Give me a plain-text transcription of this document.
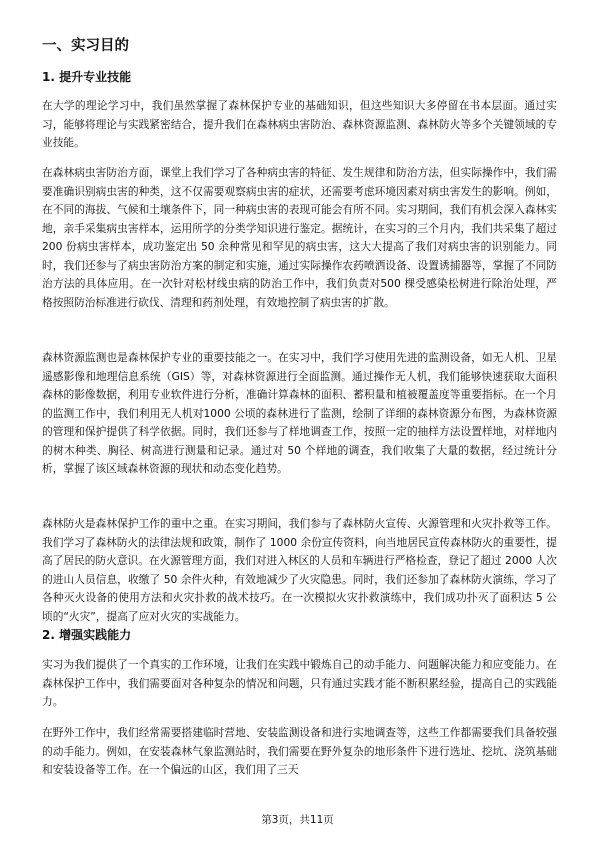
一、实习目的
1. 提升专业技能

在大学的理论学习中，我们虽然掌握了森林保护专业的基础知识，但这些知识大多停留在书本层面。通过实习，能够将理论与实践紧密结合，提升我们在森林病虫害防治、森林资源监测、森林防火等多个关键领域的专业技能。

在森林病虫害防治方面，课堂上我们学习了各种病虫害的特征、发生规律和防治方法，但实际操作中，我们需要准确识别病虫害的种类，这不仅需要观察病虫害的症状，还需要考虑环境因素对病虫害发生的影响。例如，在不同的海拔、气候和土壤条件下，同一种病虫害的表现可能会有所不同。实习期间，我们有机会深入森林实地，亲手采集病虫害样本，运用所学的分类学知识进行鉴定。据统计，在实习的三个月内，我们共采集了超过 200 份病虫害样本，成功鉴定出 50 余种常见和罕见的病虫害，这大大提高了我们对病虫害的识别能力。同时，我们还参与了病虫害防治方案的制定和实施，通过实际操作农药喷洒设备、设置诱捕器等，掌握了不同防治方法的具体应用。在一次针对松材线虫病的防治工作中，我们负责对500 棵受感染松树进行除治处理，严格按照防治标准进行砍伐、清理和药剂处理，有效地控制了病虫害的扩散。

森林资源监测也是森林保护专业的重要技能之一。在实习中，我们学习使用先进的监测设备，如无人机、卫星遥感影像和地理信息系统（GIS）等，对森林资源进行全面监测。通过操作无人机，我们能够快速获取大面积森林的影像数据，利用专业软件进行分析，准确计算森林的面积、蓄积量和植被覆盖度等重要指标。在一个月的监测工作中，我们利用无人机对1000 公顷的森林进行了监测，绘制了详细的森林资源分布图，为森林资源的管理和保护提供了科学依据。同时，我们还参与了样地调查工作，按照一定的抽样方法设置样地，对样地内的树木种类、胸径、树高进行测量和记录。通过对 50 个样地的调查，我们收集了大量的数据，经过统计分析，掌握了该区域森林资源的现状和动态变化趋势。

森林防火是森林保护工作的重中之重。在实习期间，我们参与了森林防火宣传、火源管理和火灾扑救等工作。我们学习了森林防火的法律法规和政策，制作了 1000 余份宣传资料，向当地居民宣传森林防火的重要性，提高了居民的防火意识。在火源管理方面，我们对进入林区的人员和车辆进行严格检查，登记了超过 2000 人次的进山人员信息，收缴了 50 余件火种，有效地减少了火灾隐患。同时，我们还参加了森林防火演练，学习了各种灭火设备的使用方法和火灾扑救的战术技巧。在一次模拟火灾扑救演练中，我们成功扑灭了面积达 5 公顷的“火灾”，提高了应对火灾的实战能力。

2. 增强实践能力

实习为我们提供了一个真实的工作环境，让我们在实践中锻炼自己的动手能力、问题解决能力和应变能力。在森林保护工作中，我们需要面对各种复杂的情况和问题，只有通过实践才能不断积累经验，提高自己的实践能力。

在野外工作中，我们经常需要搭建临时营地、安装监测设备和进行实地调查等，这些工作都需要我们具备较强的动手能力。例如，在安装森林气象监测站时，我们需要在野外复杂的地形条件下进行选址、挖坑、浇筑基础和安装设备等工作。在一个偏远的山区，我们用了三天

第3页，共11页
